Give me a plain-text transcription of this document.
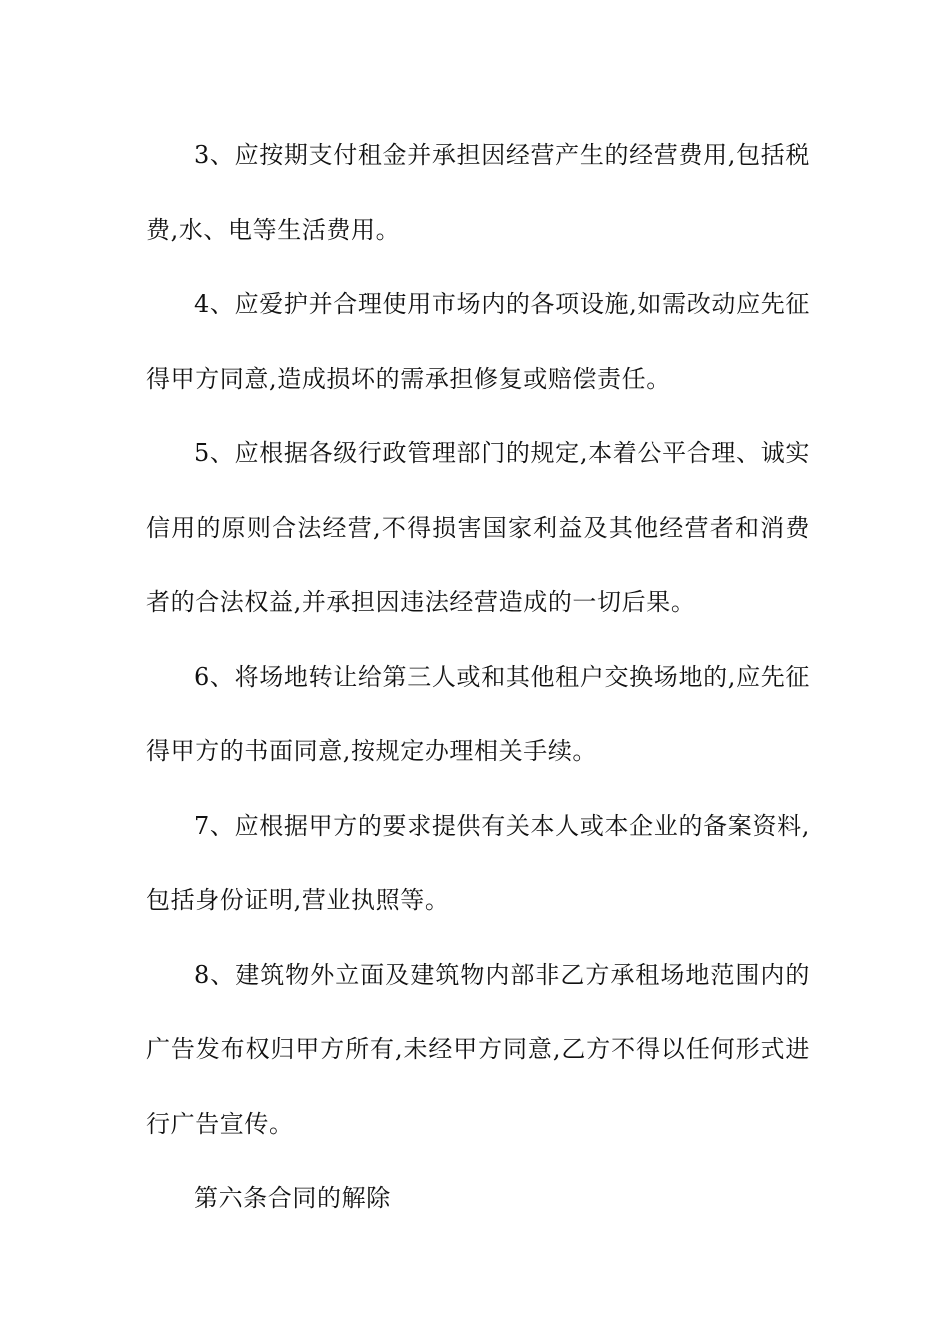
3、应按期支付租金并承担因经营产生的经营费用,包括税费,水、电等生活费用。

4、应爱护并合理使用市场内的各项设施,如需改动应先征得甲方同意,造成损坏的需承担修复或赔偿责任。

5、应根据各级行政管理部门的规定,本着公平合理、诚实信用的原则合法经营,不得损害国家利益及其他经营者和消费者的合法权益,并承担因违法经营造成的一切后果。

6、将场地转让给第三人或和其他租户交换场地的,应先征得甲方的书面同意,按规定办理相关手续。

7、应根据甲方的要求提供有关本人或本企业的备案资料,包括身份证明,营业执照等。

8、建筑物外立面及建筑物内部非乙方承租场地范围内的广告发布权归甲方所有,未经甲方同意,乙方不得以任何形式进行广告宣传。

第六条合同的解除
